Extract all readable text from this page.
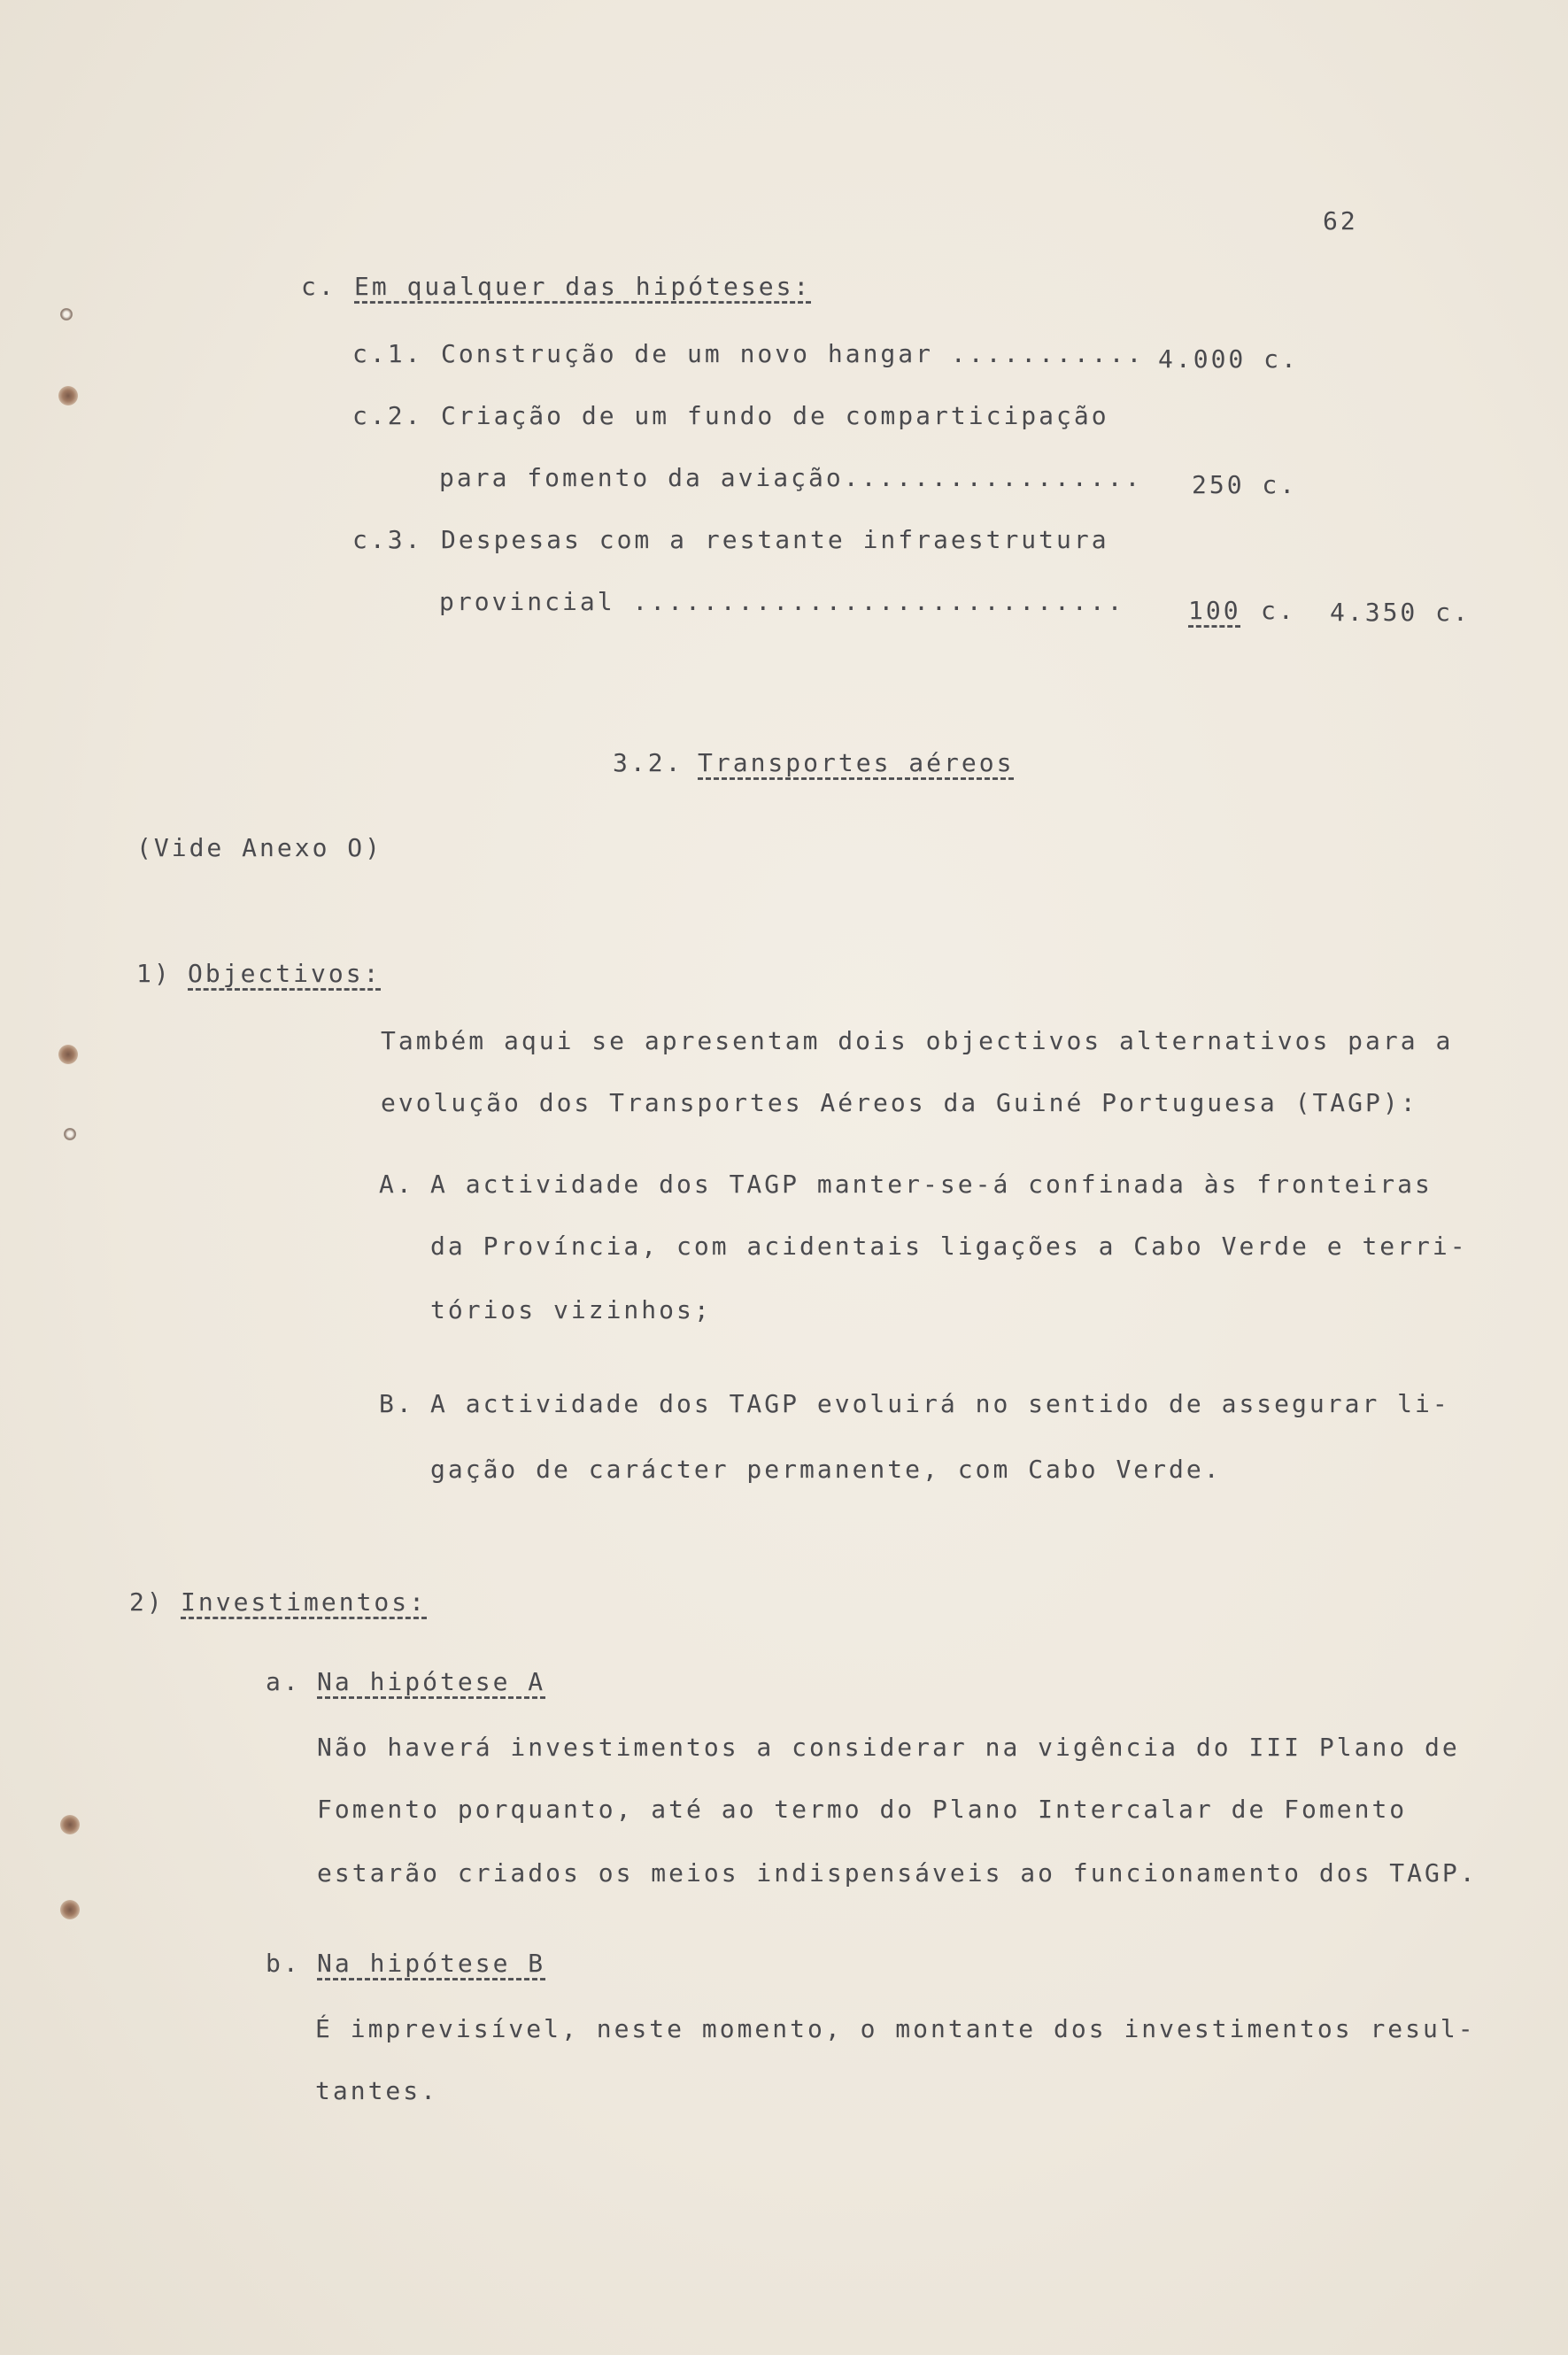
62
c. Em qualquer das hipóteses:
c.1. Construção de um novo hangar ........... 4.000 c.
c.2. Criação de um fundo de comparticipação
para fomento da aviação................. 250 c.
c.3. Despesas com a restante infraestrutura
provincial ............................	100 c. 4.350 c.
3.2. Transportes aéreos
(Vide Anexo O)
1) Objectivos:
Também aqui se apresentam dois objectivos alternativos para a
evolução dos Transportes Aéreos da Guiné Portuguesa (TAGP):
A. A actividade dos TAGP manter-se-á confinada às fronteiras
da Província, com acidentais ligações a Cabo Verde e terri-
tórios vizinhos;
B. A actividade dos TAGP evoluirá no sentido de assegurar li-
gação de carácter permanente, com Cabo Verde.
2) Investimentos:
a. Na hipótese A
Não haverá investimentos a considerar na vigência do III Plano de
Fomento porquanto, até ao termo do Plano Intercalar de Fomento
estarão criados os meios indispensáveis ao funcionamento dos TAGP.
b. Na hipótese B
É imprevisível, neste momento, o montante dos investimentos resul-
tantes.
